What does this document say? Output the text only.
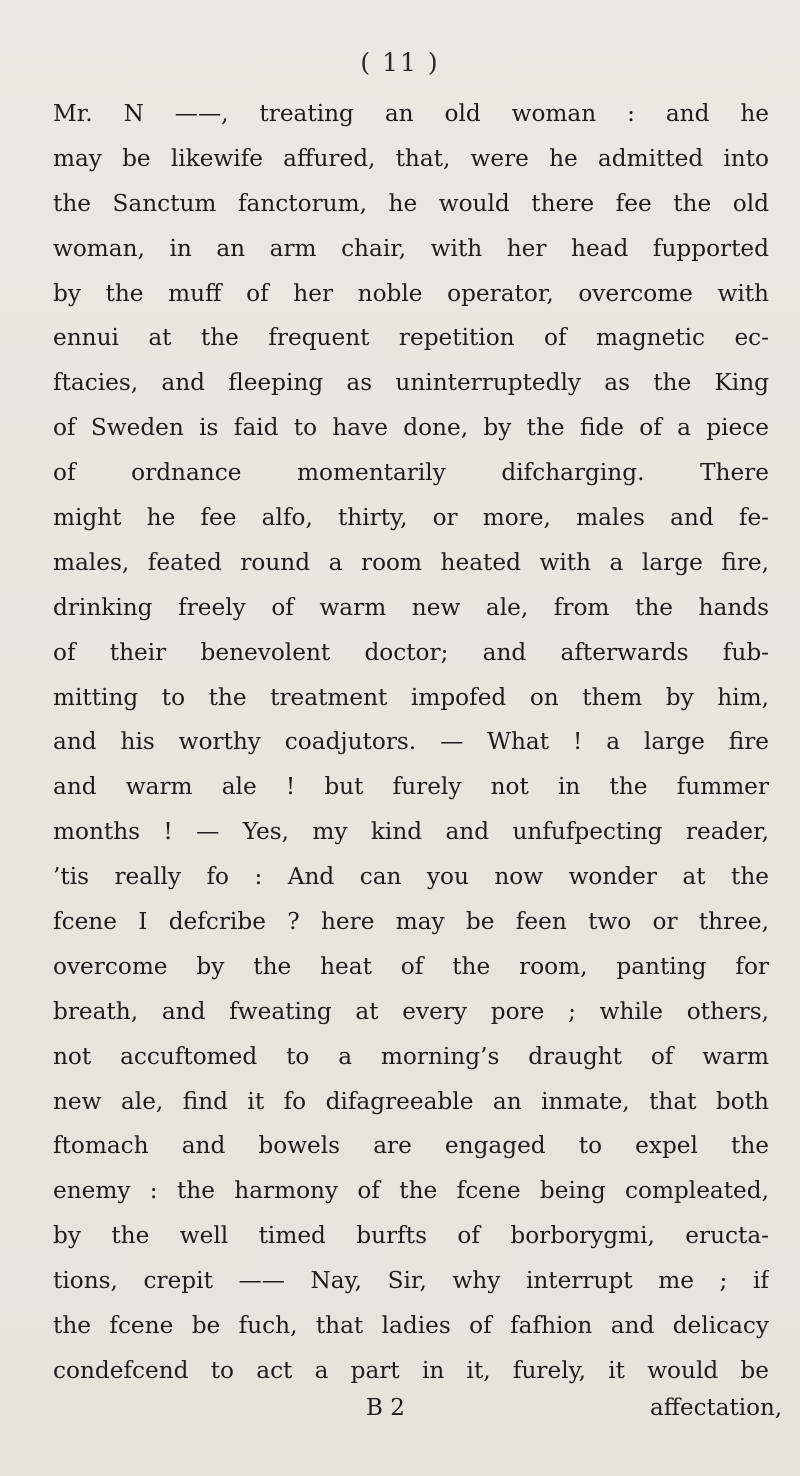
( 11 )
Mr. N ——, treating an old woman : and he
may be likewife affured, that, were he admitted into
the Sanctum fanctorum, he would there fee the old
woman, in an arm chair, with her head fupported
by the muff of her noble operator, overcome with
ennui at the frequent repetition of magnetic ec-
ftacies, and fleeping as uninterruptedly as the King
of Sweden is faid to have done, by the fide of a piece
of ordnance momentarily difcharging. There
might he fee alfo, thirty, or more, males and fe-
males, feated round a room heated with a large fire,
drinking freely of warm new ale, from the hands
of their benevolent doctor; and afterwards fub-
mitting to the treatment impofed on them by him,
and his worthy coadjutors. — What ! a large fire
and warm ale ! but furely not in the fummer
months ! — Yes, my kind and unfufpecting reader,
’tis really fo : And can you now wonder at the
fcene I defcribe ? here may be feen two or three,
overcome by the heat of the room, panting for
breath, and fweating at every pore ; while others,
not accuftomed to a morning’s draught of warm
new ale, find it fo difagreeable an inmate, that both
ftomach and bowels are engaged to expel the
enemy : the harmony of the fcene being compleated,
by the well timed burfts of borborygmi, eructa-
tions, crepit —— Nay, Sir, why interrupt me ; if
the fcene be fuch, that ladies of fafhion and delicacy
condefcend to act a part in it, furely, it would be
B 2	affectation,
